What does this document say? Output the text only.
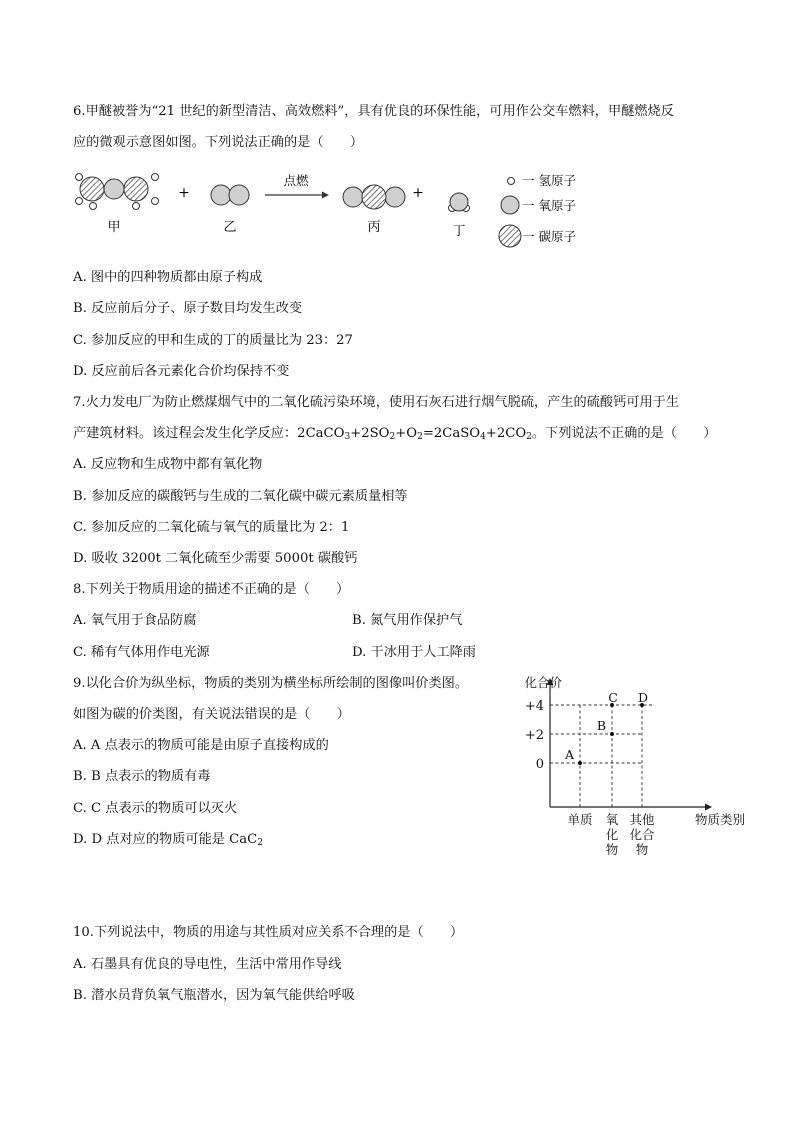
6.甲醚被誉为“21 世纪的新型清洁、高效燃料”，具有优良的环保性能，可用作公交车燃料，甲醚燃烧反
应的微观示意图如图。下列说法正确的是（　　）
+
点燃
+
甲	乙	丙	丁
一 氢原子
一 氧原子
一 碳原子
A. 图中的四种物质都由原子构成
B. 反应前后分子、原子数目均发生改变
C. 参加反应的甲和生成的丁的质量比为 23：27
D. 反应前后各元素化合价均保持不变
7.火力发电厂为防止燃煤烟气中的二氧化硫污染环境，使用石灰石进行烟气脱硫，产生的硫酸钙可用于生
产建筑材料。该过程会发生化学反应：$2CaCO_3+2SO_2+O_2=2CaSO_4+2CO_2$。下列说法不正确的是（　　）
A. 反应物和生成物中都有氧化物
B. 参加反应的碳酸钙与生成的二氧化碳中碳元素质量相等
C. 参加反应的二氧化硫与氧气的质量比为 2：1
D. 吸收 3200t 二氧化硫至少需要 5000t 碳酸钙
8.下列关于物质用途的描述不正确的是（　　）
A. 氧气用于食品防腐	B. 氮气用作保护气
C. 稀有气体用作电光源	D. 干冰用于人工降雨
9.以化合价为纵坐标，物质的类别为横坐标所绘制的图像叫价类图。
如图为碳的价类图，有关说法错误的是（　　）
A. A 点表示的物质可能是由原子直接构成的
B. B 点表示的物质有毒
C. C 点表示的物质可以灭火
D. D 点对应的物质可能是 CaC$_2$
化合价
物质类别
+4
+2
0
单质 氧
化
物
其他
化合
物
A
B
C D
10.下列说法中，物质的用途与其性质对应关系不合理的是（　　）
A. 石墨具有优良的导电性，生活中常用作导线
B. 潜水员背负氧气瓶潜水，因为氧气能供给呼吸
